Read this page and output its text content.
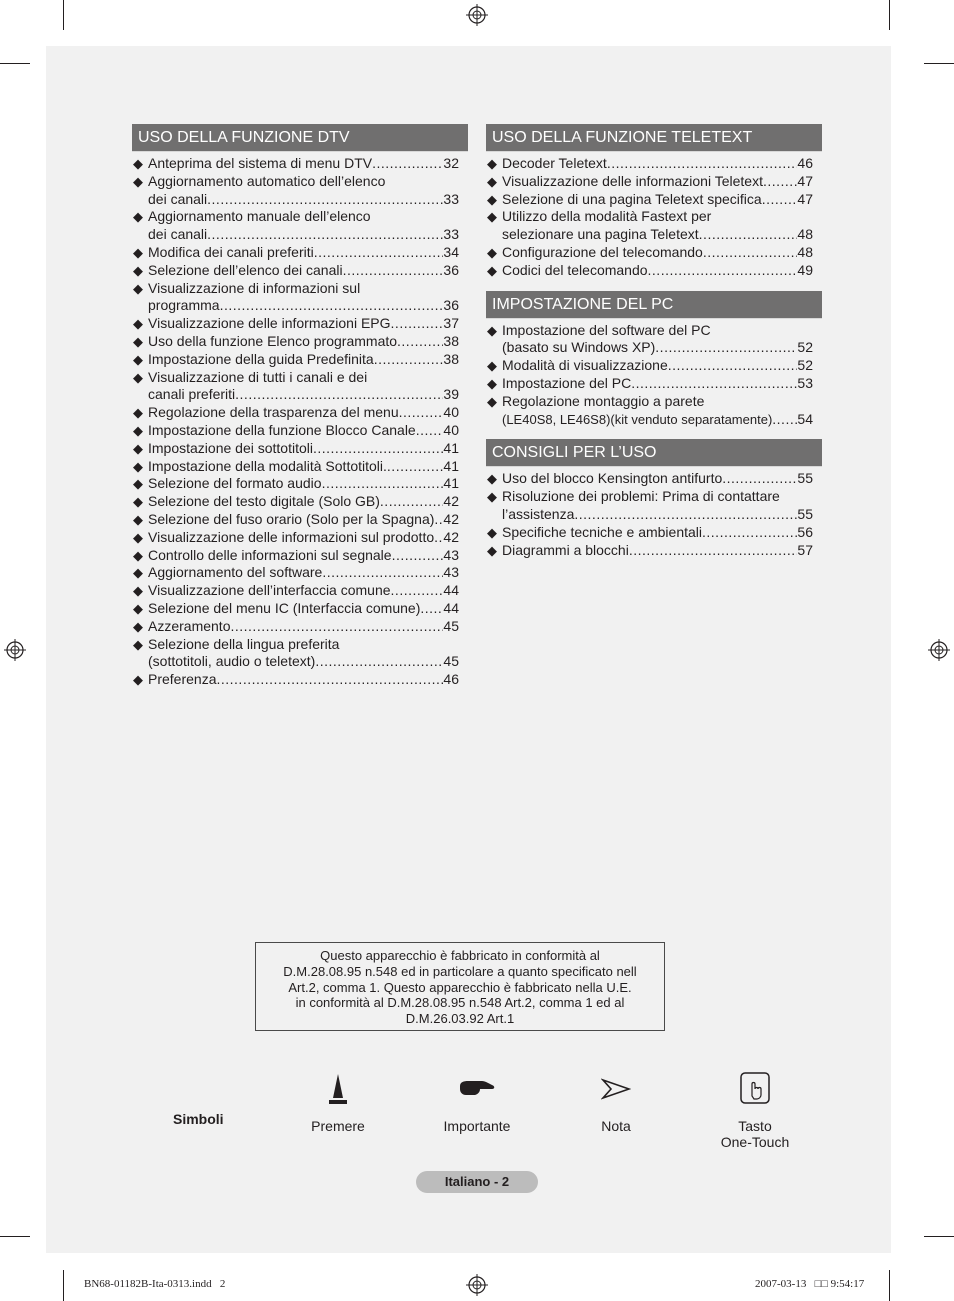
USO DELLA FUNZIONE DTV
◆ Anteprima del sistema di menu DTV .....	32
◆ Aggiornamento automatico dell’elenco
dei canali .....	33
◆ Aggiornamento manuale dell’elenco
dei canali .....	33
◆ Modifica dei canali preferiti .....	34
◆ Selezione dell’elenco dei canali .....	36
◆ Visualizzazione di informazioni sul
programma .....	36
◆ Visualizzazione delle informazioni EPG .....	37
◆ Uso della funzione Elenco programmato .....	38
◆ Impostazione della guida Predefinita .....	38
◆ Visualizzazione di tutti i canali e dei
canali preferiti .....	39
◆ Regolazione della trasparenza del menu .....	40
◆ Impostazione della funzione Blocco Canale ..... 40
◆ Impostazione dei sottotitoli .....	41
◆ Impostazione della modalità Sottotitoli. .....	41
◆ Selezione del formato audio .....	41
◆ Selezione del testo digitale (Solo GB) .....	42
◆ Selezione del fuso orario (Solo per la Spagna) ..... 42
◆ Visualizzazione delle informazioni sul prodotto ..... 42
◆ Controllo delle informazioni sul segnale .....	43
◆ Aggiornamento del software .....	43
◆ Visualizzazione dell’interfaccia comune .....	44
◆ Selezione del menu IC (Interfaccia comune) ..... 44
◆ Azzeramento .....	45
◆ Selezione della lingua preferita
(sottotitoli, audio o teletext) .....	45
◆ Preferenza .....	46
USO DELLA FUNZIONE TELETEXT
◆ Decoder Teletext .....	46
◆ Visualizzazione delle informazioni Teletext ..... 47
◆ Selezione di una pagina Teletext specifica .....	47
◆ Utilizzo della modalità Fastext per
selezionare una pagina Teletext .....	48
◆ Configurazione del telecomando .....	48
◆ Codici del telecomando .....	49
IMPOSTAZIONE DEL PC
◆ Impostazione del software del PC
(basato su Windows XP) .....	52
◆ Modalità di visualizzazione .....	52
◆ Impostazione del PC .....	53
◆ Regolazione montaggio a parete
(LE40S8, LE46S8)(kit venduto separatamente) ..... 54
CONSIGLI PER L’USO
◆ Uso del blocco Kensington antifurto .....	55
◆ Risoluzione dei problemi: Prima di contattare
l’assistenza .....	55
◆ Specifiche tecniche e ambientali .....	56
◆ Diagrammi a blocchi .....	57
Questo apparecchio è fabbricato in conformità al
D.M.28.08.95 n.548 ed in particolare a quanto specificato nell
Art.2, comma 1. Questo apparecchio è fabbricato nella U.E.
in conformità al D.M.28.08.95 n.548 Art.2, comma 1 ed al
D.M.26.03.92 Art.1
Simboli	Premere	Importante	Nota	Tasto
One-Touch
Italiano - 2
BN68-01182B-Ita-0313.indd   2	2007-03-13   □□ 9:54:17
